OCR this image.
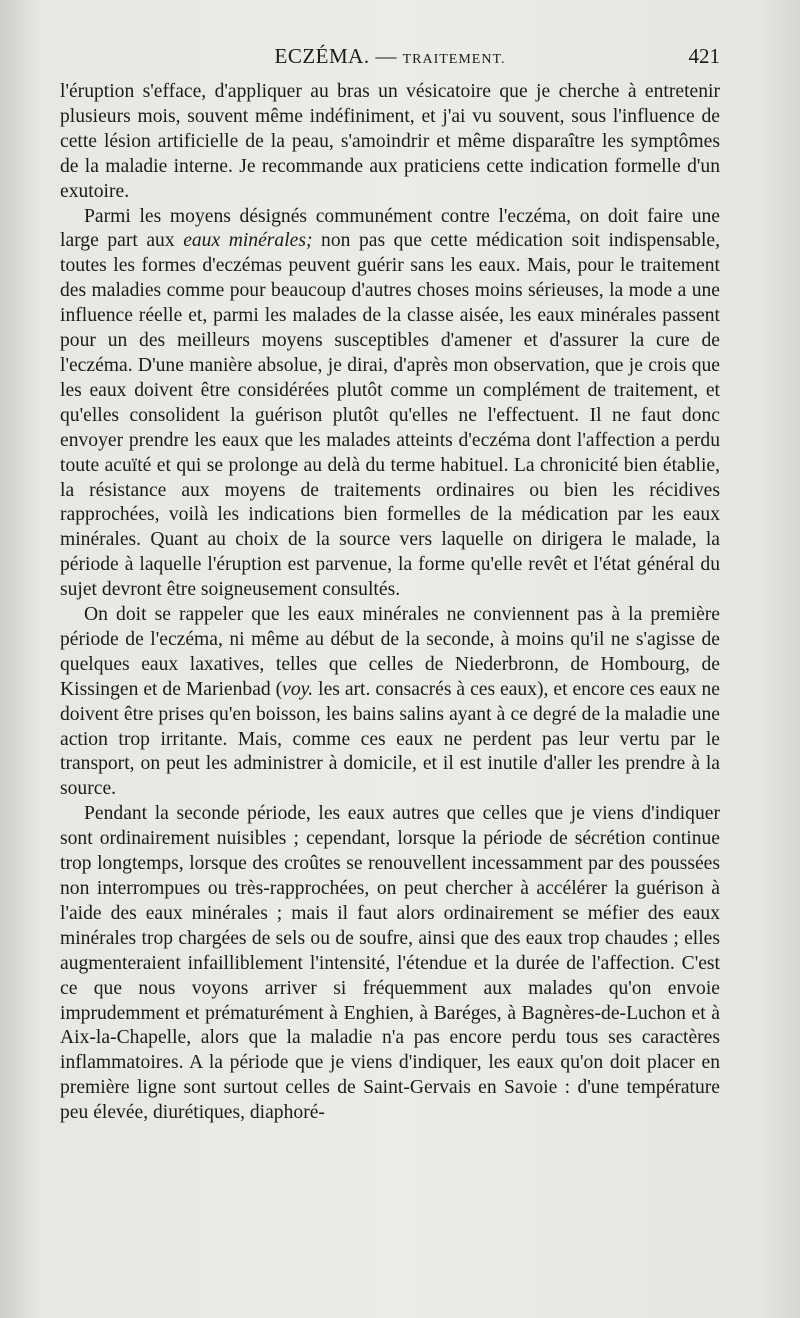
ECZÉMA. — TRAITEMENT.	421

l'éruption s'efface, d'appliquer au bras un vésicatoire que je cherche à entretenir plusieurs mois, souvent même indéfiniment, et j'ai vu souvent, sous l'influence de cette lésion artificielle de la peau, s'amoindrir et même disparaître les symptômes de la maladie interne. Je recommande aux praticiens cette indication formelle d'un exutoire.

Parmi les moyens désignés communément contre l'eczéma, on doit faire une large part aux eaux minérales; non pas que cette médication soit indispensable, toutes les formes d'eczémas peuvent guérir sans les eaux. Mais, pour le traitement des maladies comme pour beaucoup d'autres choses moins sérieuses, la mode a une influence réelle et, parmi les malades de la classe aisée, les eaux minérales passent pour un des meilleurs moyens susceptibles d'amener et d'assurer la cure de l'eczéma. D'une manière absolue, je dirai, d'après mon observation, que je crois que les eaux doivent être considérées plutôt comme un complément de traitement, et qu'elles consolident la guérison plutôt qu'elles ne l'effectuent. Il ne faut donc envoyer prendre les eaux que les malades atteints d'eczéma dont l'affection a perdu toute acuïté et qui se prolonge au delà du terme habituel. La chronicité bien établie, la résistance aux moyens de traitements ordinaires ou bien les récidives rapprochées, voilà les indications bien formelles de la médication par les eaux minérales. Quant au choix de la source vers laquelle on dirigera le malade, la période à laquelle l'éruption est parvenue, la forme qu'elle revêt et l'état général du sujet devront être soigneusement consultés.

On doit se rappeler que les eaux minérales ne conviennent pas à la première période de l'eczéma, ni même au début de la seconde, à moins qu'il ne s'agisse de quelques eaux laxatives, telles que celles de Niederbronn, de Hombourg, de Kissingen et de Marienbad (voy. les art. consacrés à ces eaux), et encore ces eaux ne doivent être prises qu'en boisson, les bains salins ayant à ce degré de la maladie une action trop irritante. Mais, comme ces eaux ne perdent pas leur vertu par le transport, on peut les administrer à domicile, et il est inutile d'aller les prendre à la source.

Pendant la seconde période, les eaux autres que celles que je viens d'indiquer sont ordinairement nuisibles ; cependant, lorsque la période de sécrétion continue trop longtemps, lorsque des croûtes se renouvellent incessamment par des poussées non interrompues ou très-rapprochées, on peut chercher à accélérer la guérison à l'aide des eaux minérales ; mais il faut alors ordinairement se méfier des eaux minérales trop chargées de sels ou de soufre, ainsi que des eaux trop chaudes ; elles augmenteraient infailliblement l'intensité, l'étendue et la durée de l'affection. C'est ce que nous voyons arriver si fréquemment aux malades qu'on envoie imprudemment et prématurément à Enghien, à Baréges, à Bagnères-de-Luchon et à Aix-la-Chapelle, alors que la maladie n'a pas encore perdu tous ses caractères inflammatoires. A la période que je viens d'indiquer, les eaux qu'on doit placer en première ligne sont surtout celles de Saint-Gervais en Savoie : d'une température peu élevée, diurétiques, diaphoré-
